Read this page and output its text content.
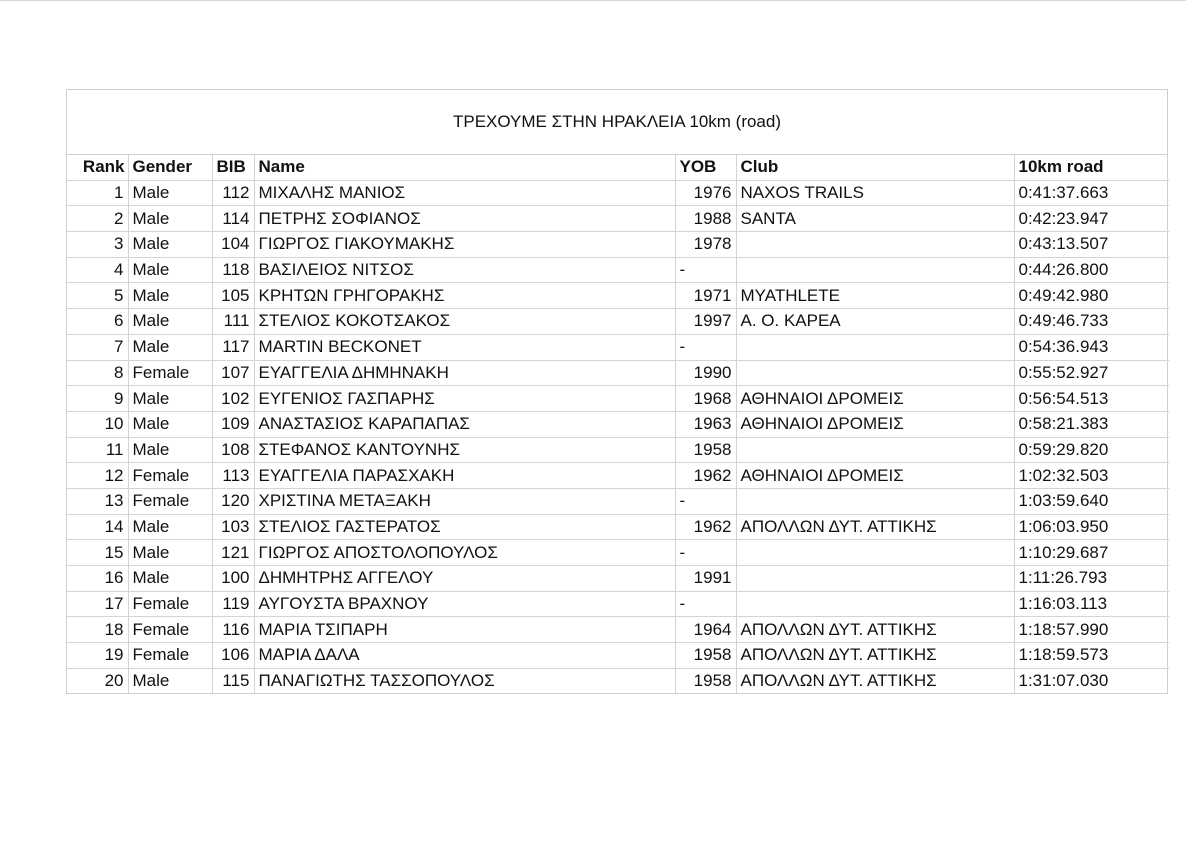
ΤΡΕΧΟΥΜΕ ΣΤΗΝ ΗΡΑΚΛΕΙΑ 10km (road)
Rank	Gender	BIB	Name	YOB	Club	10km road
1	Male	112	ΜΙΧΑΛΗΣ ΜΑΝΙΟΣ	1976	NAXOS TRAILS	0:41:37.663
2	Male	114	ΠΕΤΡΗΣ ΣΟΦΙΑΝΟΣ	1988	SANTA	0:42:23.947
3	Male	104	ΓΙΩΡΓΟΣ ΓΙΑΚΟΥΜΑΚΗΣ	1978		0:43:13.507
4	Male	118	ΒΑΣΙΛΕΙΟΣ ΝΙΤΣΟΣ	-		0:44:26.800
5	Male	105	ΚΡΗΤΩΝ ΓΡΗΓΟΡΑΚΗΣ	1971	MYATHLETE	0:49:42.980
6	Male	111	ΣΤΕΛΙΟΣ ΚΟΚΟΤΣΑΚΟΣ	1997	Α. Ο. ΚΑΡΕΑ	0:49:46.733
7	Male	117	MARTIN BECKONET	-		0:54:36.943
8	Female	107	ΕΥΑΓΓΕΛΙΑ ΔΗΜΗΝΑΚΗ	1990		0:55:52.927
9	Male	102	ΕΥΓΕΝΙΟΣ ΓΑΣΠΑΡΗΣ	1968	ΑΘΗΝΑΙΟΙ ΔΡΟΜΕΙΣ	0:56:54.513
10	Male	109	ΑΝΑΣΤΑΣΙΟΣ ΚΑΡΑΠΑΠΑΣ	1963	ΑΘΗΝΑΙΟΙ ΔΡΟΜΕΙΣ	0:58:21.383
11	Male	108	ΣΤΕΦΑΝΟΣ ΚΑΝΤΟΥΝΗΣ	1958		0:59:29.820
12	Female	113	ΕΥΑΓΓΕΛΙΑ ΠΑΡΑΣΧΑΚΗ	1962	ΑΘΗΝΑΙΟΙ ΔΡΟΜΕΙΣ	1:02:32.503
13	Female	120	ΧΡΙΣΤΙΝΑ ΜΕΤΑΞΑΚΗ	-		1:03:59.640
14	Male	103	ΣΤΕΛΙΟΣ ΓΑΣΤΕΡΑΤΟΣ	1962	ΑΠΟΛΛΩΝ ΔΥΤ. ΑΤΤΙΚΗΣ	1:06:03.950
15	Male	121	ΓΙΩΡΓΟΣ ΑΠΟΣΤΟΛΟΠΟΥΛΟΣ	-		1:10:29.687
16	Male	100	ΔΗΜΗΤΡΗΣ ΑΓΓΕΛΟΥ	1991		1:11:26.793
17	Female	119	ΑΥΓΟΥΣΤΑ ΒΡΑΧΝΟΥ	-		1:16:03.113
18	Female	116	ΜΑΡΙΑ ΤΣΙΠΑΡΗ	1964	ΑΠΟΛΛΩΝ ΔΥΤ. ΑΤΤΙΚΗΣ	1:18:57.990
19	Female	106	ΜΑΡΙΑ ΔΑΛΑ	1958	ΑΠΟΛΛΩΝ ΔΥΤ. ΑΤΤΙΚΗΣ	1:18:59.573
20	Male	115	ΠΑΝΑΓΙΩΤΗΣ ΤΑΣΣΟΠΟΥΛΟΣ	1958	ΑΠΟΛΛΩΝ ΔΥΤ. ΑΤΤΙΚΗΣ	1:31:07.030
